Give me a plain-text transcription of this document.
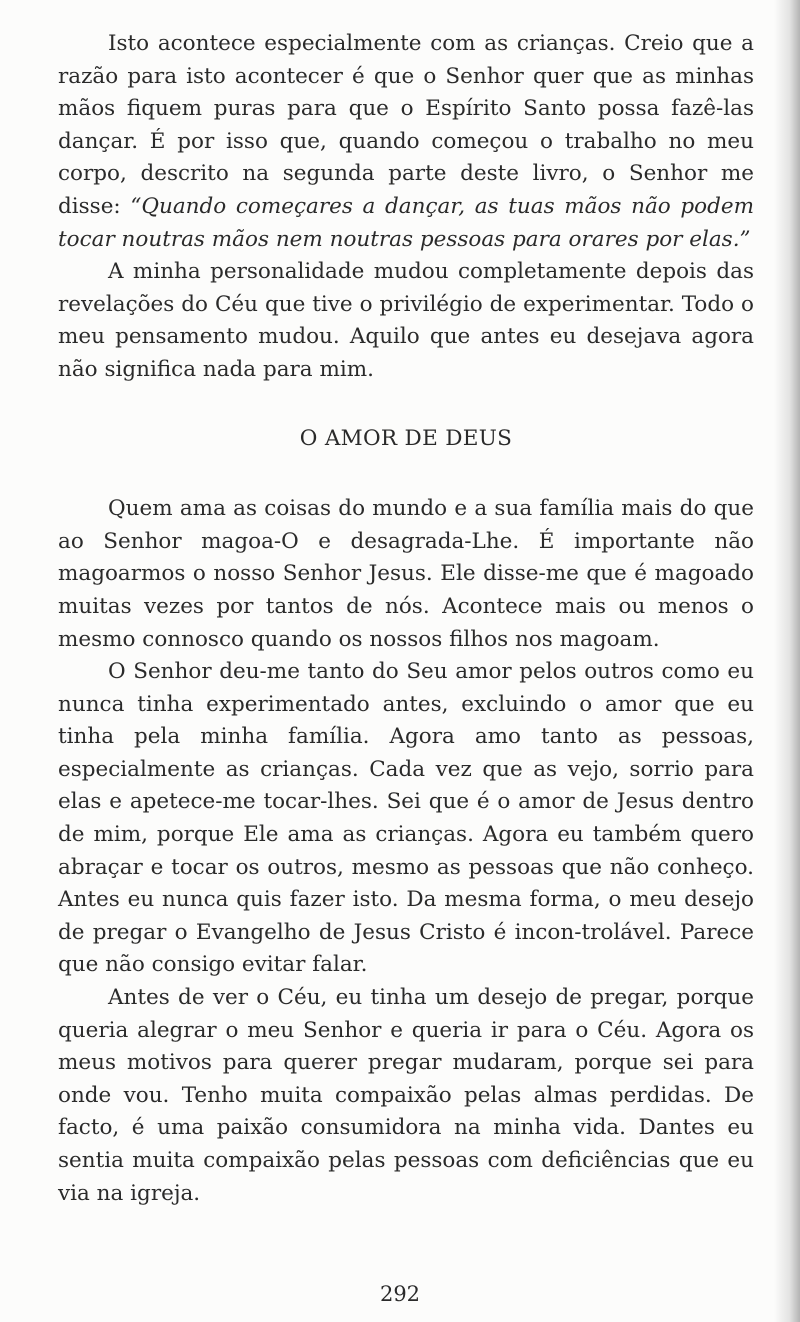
Isto acontece especialmente com as crianças. Creio que a razão para isto acontecer é que o Senhor quer que as minhas mãos fiquem puras para que o Espírito Santo possa fazê-las dançar. É por isso que, quando começou o trabalho no meu corpo, descrito na segunda parte deste livro, o Senhor me disse: “Quando começares a dançar, as tuas mãos não podem tocar noutras mãos nem noutras pessoas para orares por elas.”

A minha personalidade mudou completamente depois das revelações do Céu que tive o privilégio de experimentar. Todo o meu pensamento mudou. Aquilo que antes eu desejava agora não significa nada para mim.

O AMOR DE DEUS

Quem ama as coisas do mundo e a sua família mais do que ao Senhor magoa-O e desagrada-Lhe. É importante não magoarmos o nosso Senhor Jesus. Ele disse-me que é magoado muitas vezes por tantos de nós. Acontece mais ou menos o mesmo connosco quando os nossos filhos nos magoam.

O Senhor deu-me tanto do Seu amor pelos outros como eu nunca tinha experimentado antes, excluindo o amor que eu tinha pela minha família. Agora amo tanto as pessoas, especialmente as crianças. Cada vez que as vejo, sorrio para elas e apetece-me tocar-lhes. Sei que é o amor de Jesus dentro de mim, porque Ele ama as crianças. Agora eu também quero abraçar e tocar os outros, mesmo as pessoas que não conheço. Antes eu nunca quis fazer isto. Da mesma forma, o meu desejo de pregar o Evangelho de Jesus Cristo é incon-trolável. Parece que não consigo evitar falar.

Antes de ver o Céu, eu tinha um desejo de pregar, porque queria alegrar o meu Senhor e queria ir para o Céu. Agora os meus motivos para querer pregar mudaram, porque sei para onde vou. Tenho muita compaixão pelas almas perdidas. De facto, é uma paixão consumidora na minha vida. Dantes eu sentia muita compaixão pelas pessoas com deficiências que eu via na igreja.

292
